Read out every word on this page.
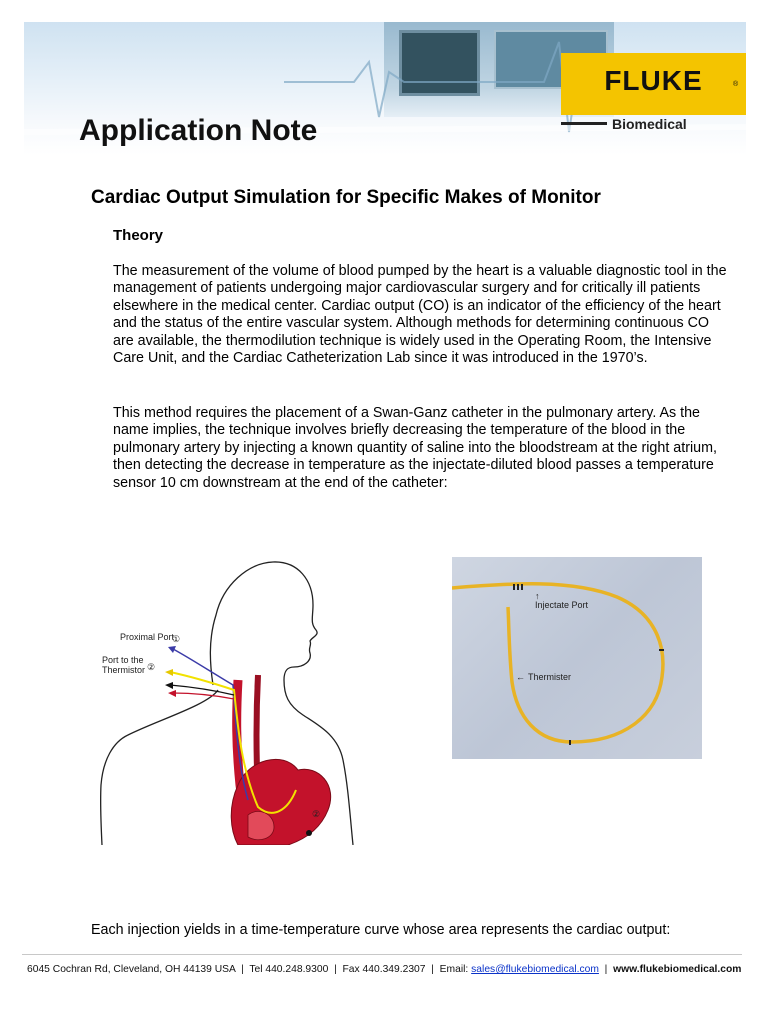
FLUKE	®
Biomedical
Application Note
Cardiac Output Simulation for Specific Makes of Monitor
Theory
The measurement of the volume of blood pumped by the heart is a valuable diagnostic tool in the management of patients undergoing major cardiovascular surgery and for critically ill patients elsewhere in the medical center. Cardiac output (CO) is an indicator of the efficiency of the heart and the status of the entire vascular system. Although methods for determining continuous CO are available, the thermodilution technique is widely used in the Operating Room, the Intensive Care Unit, and the Cardiac Catheterization Lab since it was introduced in the 1970’s.
This method requires the placement of a Swan-Ganz catheter in the pulmonary artery. As the name implies, the technique involves briefly decreasing the temperature of the blood in the pulmonary artery by injecting a known quantity of saline into the bloodstream at the right atrium, then detecting the decrease in temperature as the injectate-diluted blood passes a temperature sensor 10 cm downstream at the end of the catheter:
Proximal Port
①
Port to the
Thermistor ②
②
↑
Injectate Port
← Thermister
Each injection yields in a time-temperature curve whose area represents the cardiac output:
6045 Cochran Rd, Cleveland, OH 44139 USA | Tel 440.248.9300 | Fax 440.349.2307 | Email: sales@flukebiomedical.com | www.flukebiomedical.com
